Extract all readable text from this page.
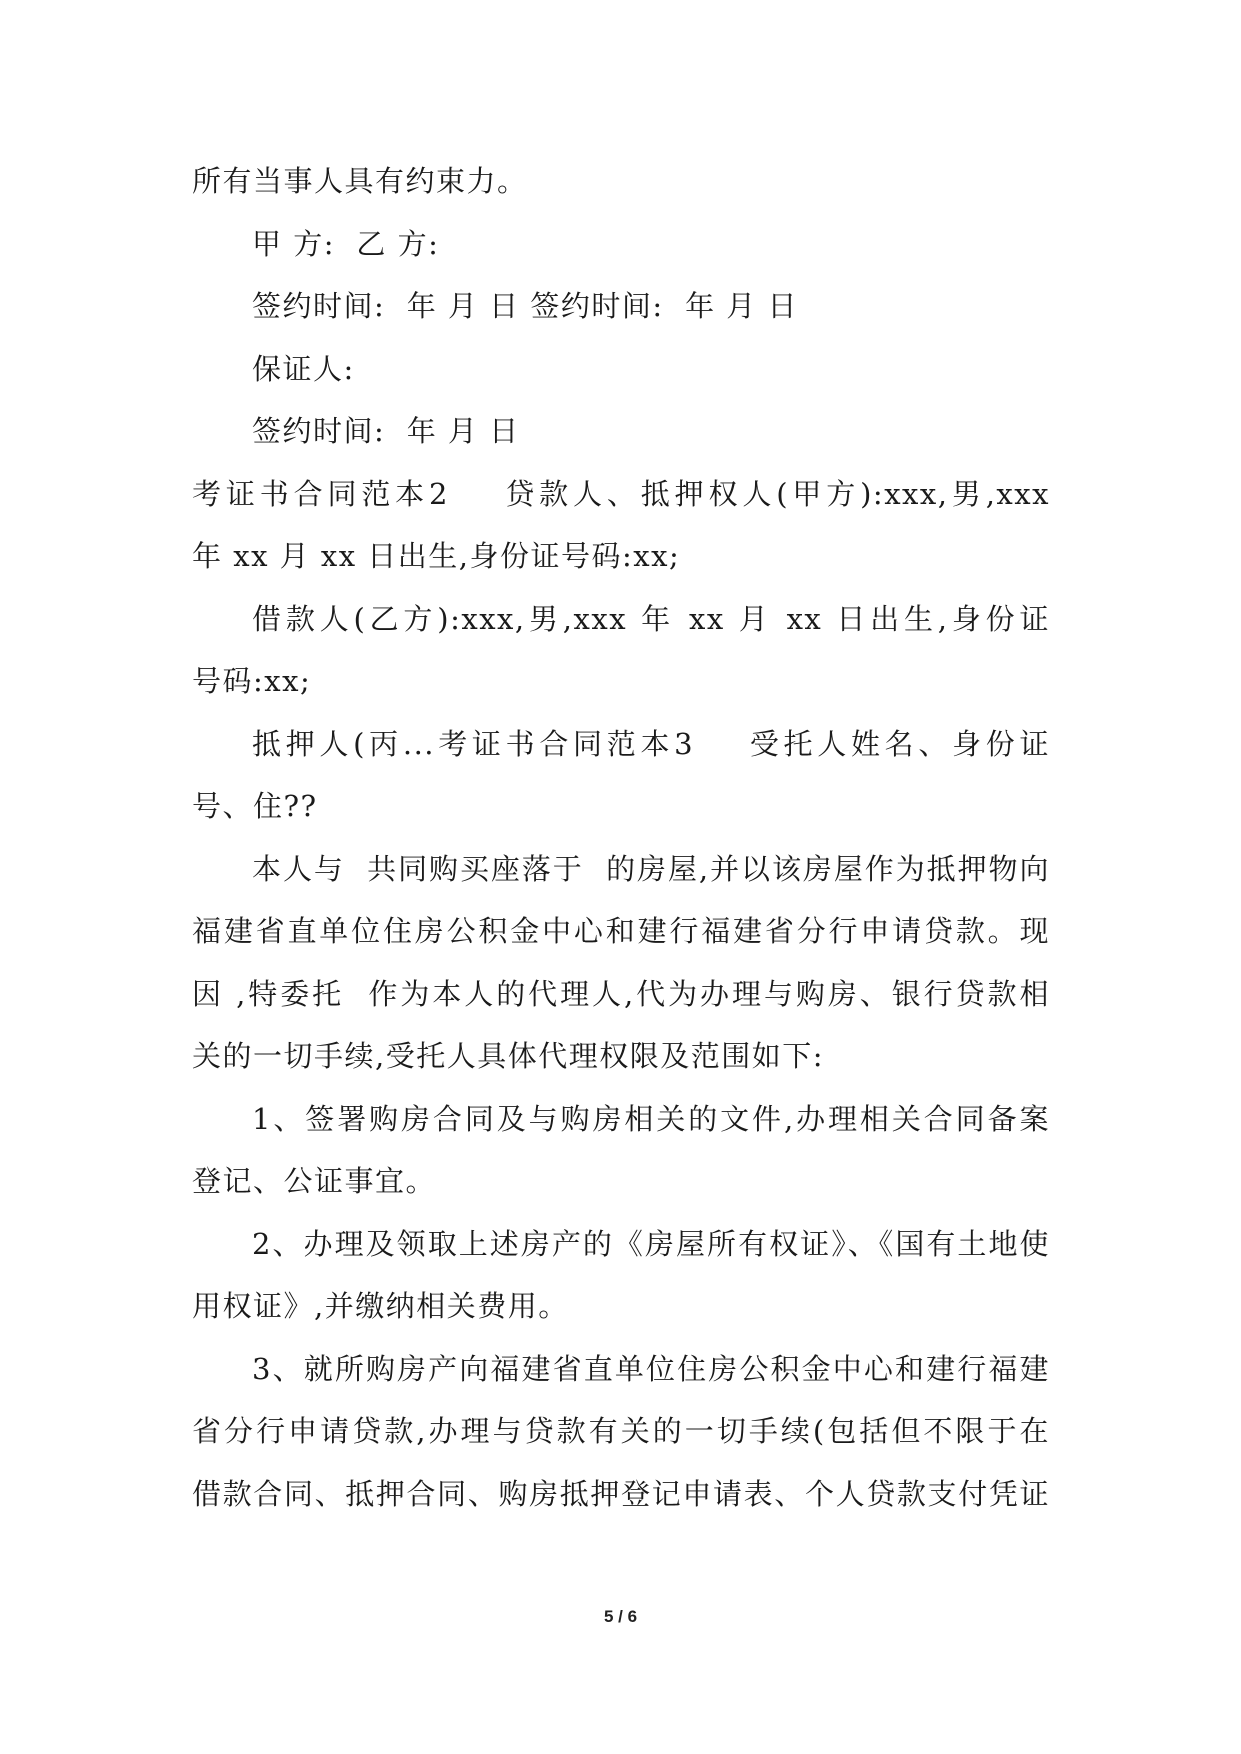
所有当事人具有约束力。
甲 方:  乙 方:
签约时间:  年 月 日 签约时间:  年 月 日
保证人:
签约时间:  年 月 日
考证书合同范本2    贷款人、抵押权人(甲方):xxx,男,xxx
年 xx 月 xx 日出生,身份证号码:xx;
借款人(乙方):xxx,男,xxx 年 xx 月 xx 日出生,身份证
号码:xx;
抵押人(丙...考证书合同范本3    受托人姓名、身份证
号、住??
本人与  共同购买座落于  的房屋,并以该房屋作为抵押物向
福建省直单位住房公积金中心和建行福建省分行申请贷款。现
因 ,特委托  作为本人的代理人,代为办理与购房、银行贷款相
关的一切手续,受托人具体代理权限及范围如下:
1、签署购房合同及与购房相关的文件,办理相关合同备案
登记、公证事宜。
2、办理及领取上述房产的《房屋所有权证》、《国有土地使
用权证》,并缴纳相关费用。
3、就所购房产向福建省直单位住房公积金中心和建行福建
省分行申请贷款,办理与贷款有关的一切手续(包括但不限于在
借款合同、抵押合同、购房抵押登记申请表、个人贷款支付凭证
5 / 6
